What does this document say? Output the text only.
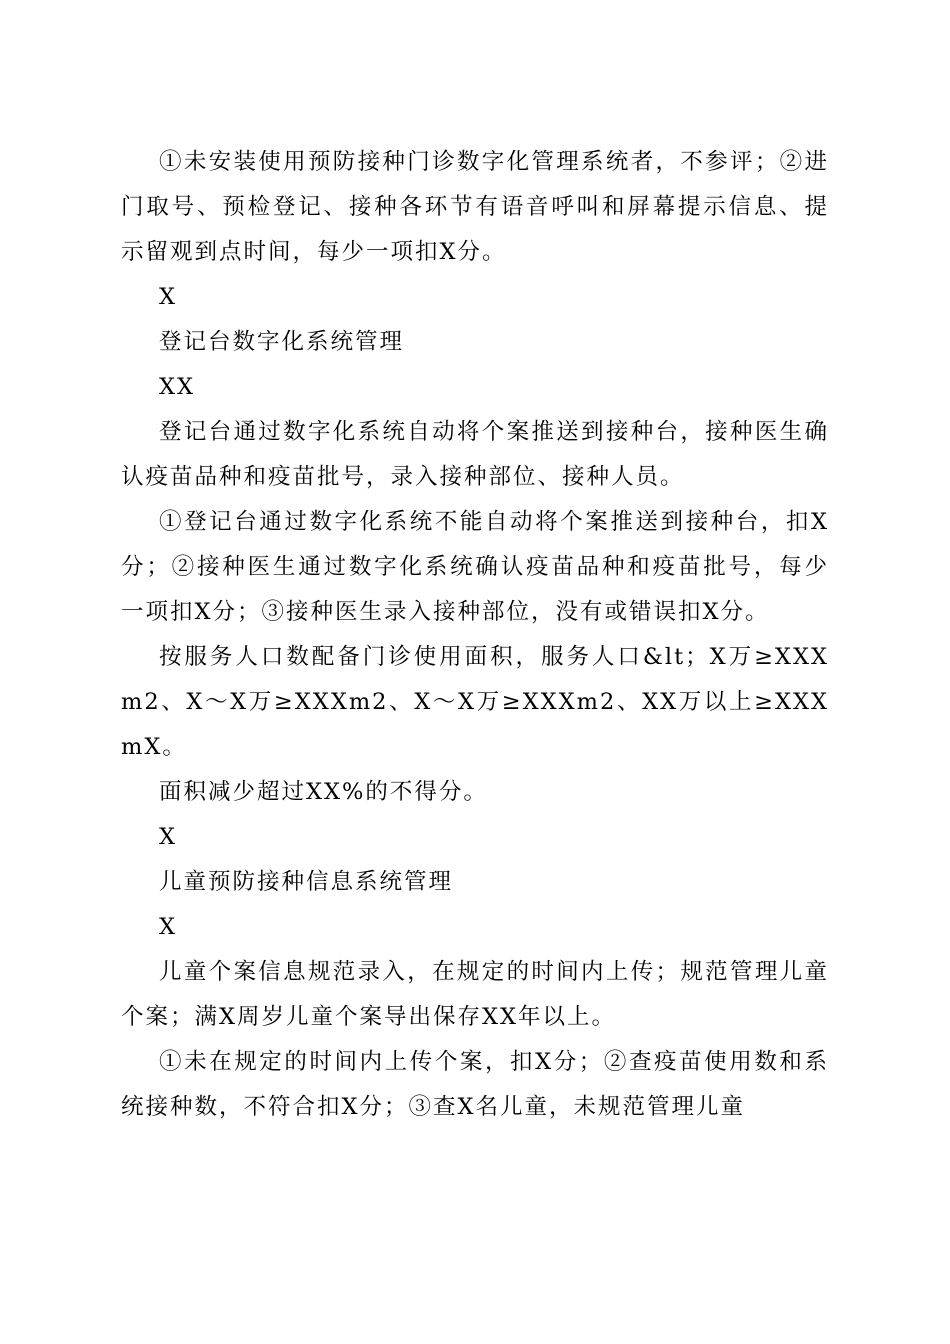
①未安装使用预防接种门诊数字化管理系统者，不参评；②进门取号、预检登记、接种各环节有语音呼叫和屏幕提示信息、提示留观到点时间，每少一项扣X分。

X

登记台数字化系统管理

XX

登记台通过数字化系统自动将个案推送到接种台，接种医生确认疫苗品种和疫苗批号，录入接种部位、接种人员。

①登记台通过数字化系统不能自动将个案推送到接种台，扣X分；②接种医生通过数字化系统确认疫苗品种和疫苗批号，每少一项扣X分；③接种医生录入接种部位，没有或错误扣X分。

按服务人口数配备门诊使用面积，服务人口&lt；X万≥XXXm2、X～X万≥XXXm2、X～X万≥XXXm2、XX万以上≥XXXmX。

面积减少超过XX%的不得分。

X

儿童预防接种信息系统管理

X

儿童个案信息规范录入，在规定的时间内上传；规范管理儿童个案；满X周岁儿童个案导出保存XX年以上。

①未在规定的时间内上传个案，扣X分；②查疫苗使用数和系统接种数，不符合扣X分；③查X名儿童，未规范管理儿童
